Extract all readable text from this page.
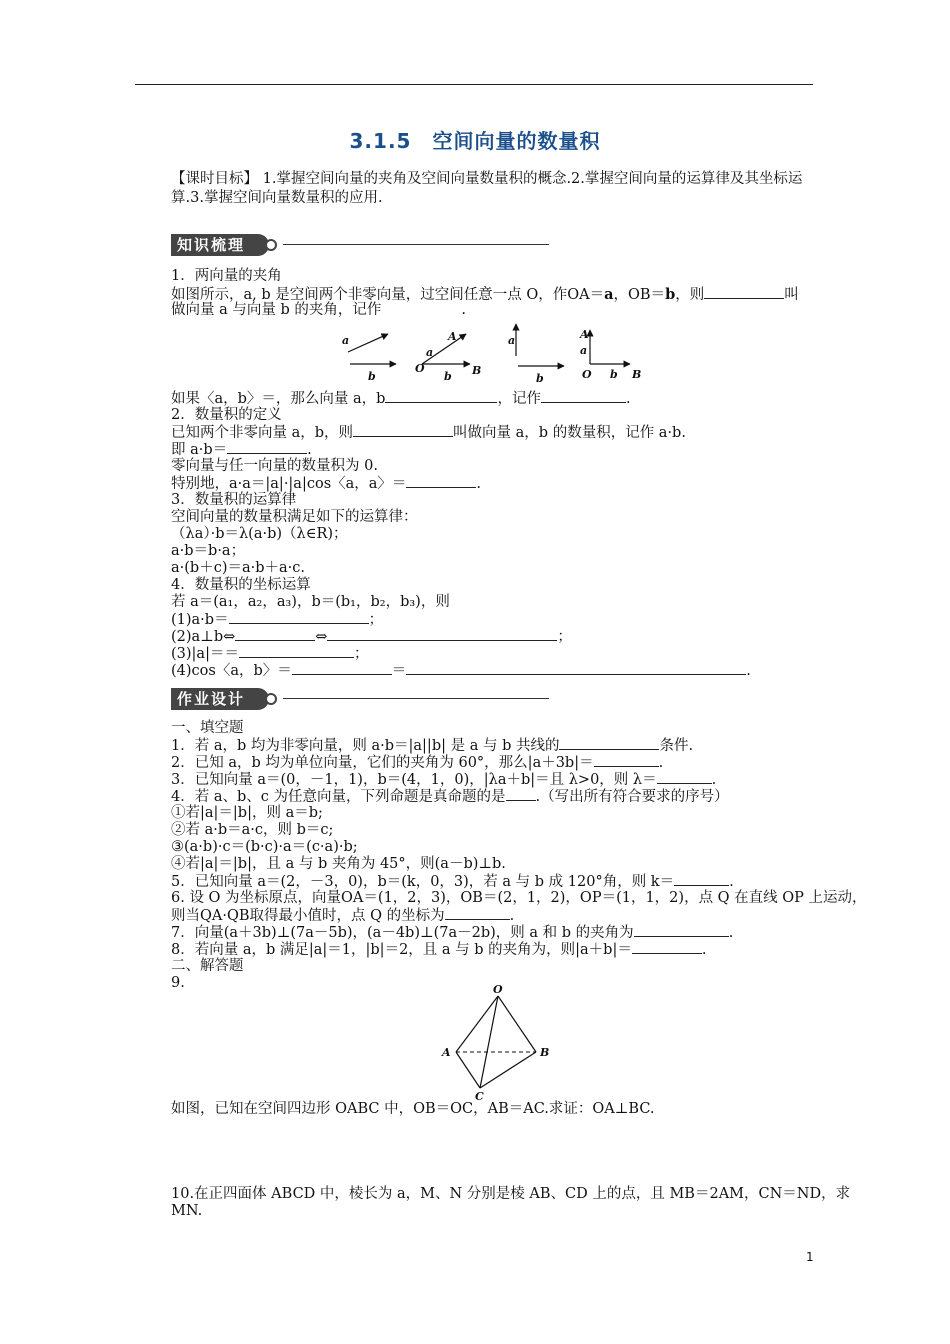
3.1.5　空间向量的数量积
【课时目标】 1.掌握空间向量的夹角及空间向量数量积的概念.2.掌握空间向量的运算律及其坐标运算.3.掌握空间向量数量积的应用.
知识梳理
1．两向量的夹角
如图所示，a, b 是空间两个非零向量，过空间任意一点 O，作OA＝a，OB＝b，则	叫
做向量 a 与向量 b 的夹角，记作	.
a
b
A
a
O
b B
a
b
A
a
O b B
如果〈a，b〉＝，那么向量 a，b	，记作	.
2．数量积的定义
已知两个非零向量 a，b，则	叫做向量 a，b 的数量积，记作 a·b.
即 a·b＝	.
零向量与任一向量的数量积为 0.
特别地，a·a＝|a|·|a|cos〈a，a〉＝	.
3．数量积的运算律
空间向量的数量积满足如下的运算律：
（λa）·b＝λ(a·b)（λ∈R)；
a·b＝b·a；
a·(b＋c)＝a·b＋a·c.
4．数量积的坐标运算
若 a＝(a₁，a₂，a₃)，b＝(b₁，b₂，b₃)，则
(1)a·b＝	；
(2)a⊥b⇔	⇔	；
(3)|a|＝＝	；
(4)cos〈a，b〉＝	＝	.
作业设计
一、填空题
1．若 a，b 均为非零向量，则 a·b＝|a||b| 是 a 与 b 共线的	条件.
2．已知 a，b 均为单位向量，它们的夹角为 60°，那么|a＋3b|＝	.
3．已知向量 a＝(0，－1，1)，b＝(4，1，0)，|λa＋b|＝且 λ>0，则 λ＝	.
4．若 a、b、c 为任意向量，下列命题是真命题的是 .（写出所有符合要求的序号）
①若|a|＝|b|，则 a＝b;
②若 a·b＝a·c，则 b＝c;
③(a·b)·c＝(b·c)·a＝(c·a)·b;
④若|a|＝|b|，且 a 与 b 夹角为 45°，则(a－b)⊥b.
5．已知向量 a＝(2，－3，0)，b＝(k，0，3)，若 a 与 b 成 120°角，则 k＝	.
6. 设 O 为坐标原点，向量OA＝(1，2，3)，OB＝(2，1，2)，OP＝(1，1，2)，点 Q 在直线 OP 上运动，
则当QA·QB取得最小值时，点 Q 的坐标为	.
7．向量(a＋3b)⊥(7a－5b)，(a－4b)⊥(7a－2b)，则 a 和 b 的夹角为	.
8．若向量 a，b 满足|a|＝1，|b|＝2，且 a 与 b 的夹角为，则|a＋b|＝	.
二、解答题
9.	O
A	B
C
如图，已知在空间四边形 OABC 中，OB＝OC，AB＝AC.求证：OA⊥BC.
10.在正四面体 ABCD 中，棱长为 a，M、N 分别是棱 AB、CD 上的点，且 MB＝2AM，CN＝ND，求
MN.
1
